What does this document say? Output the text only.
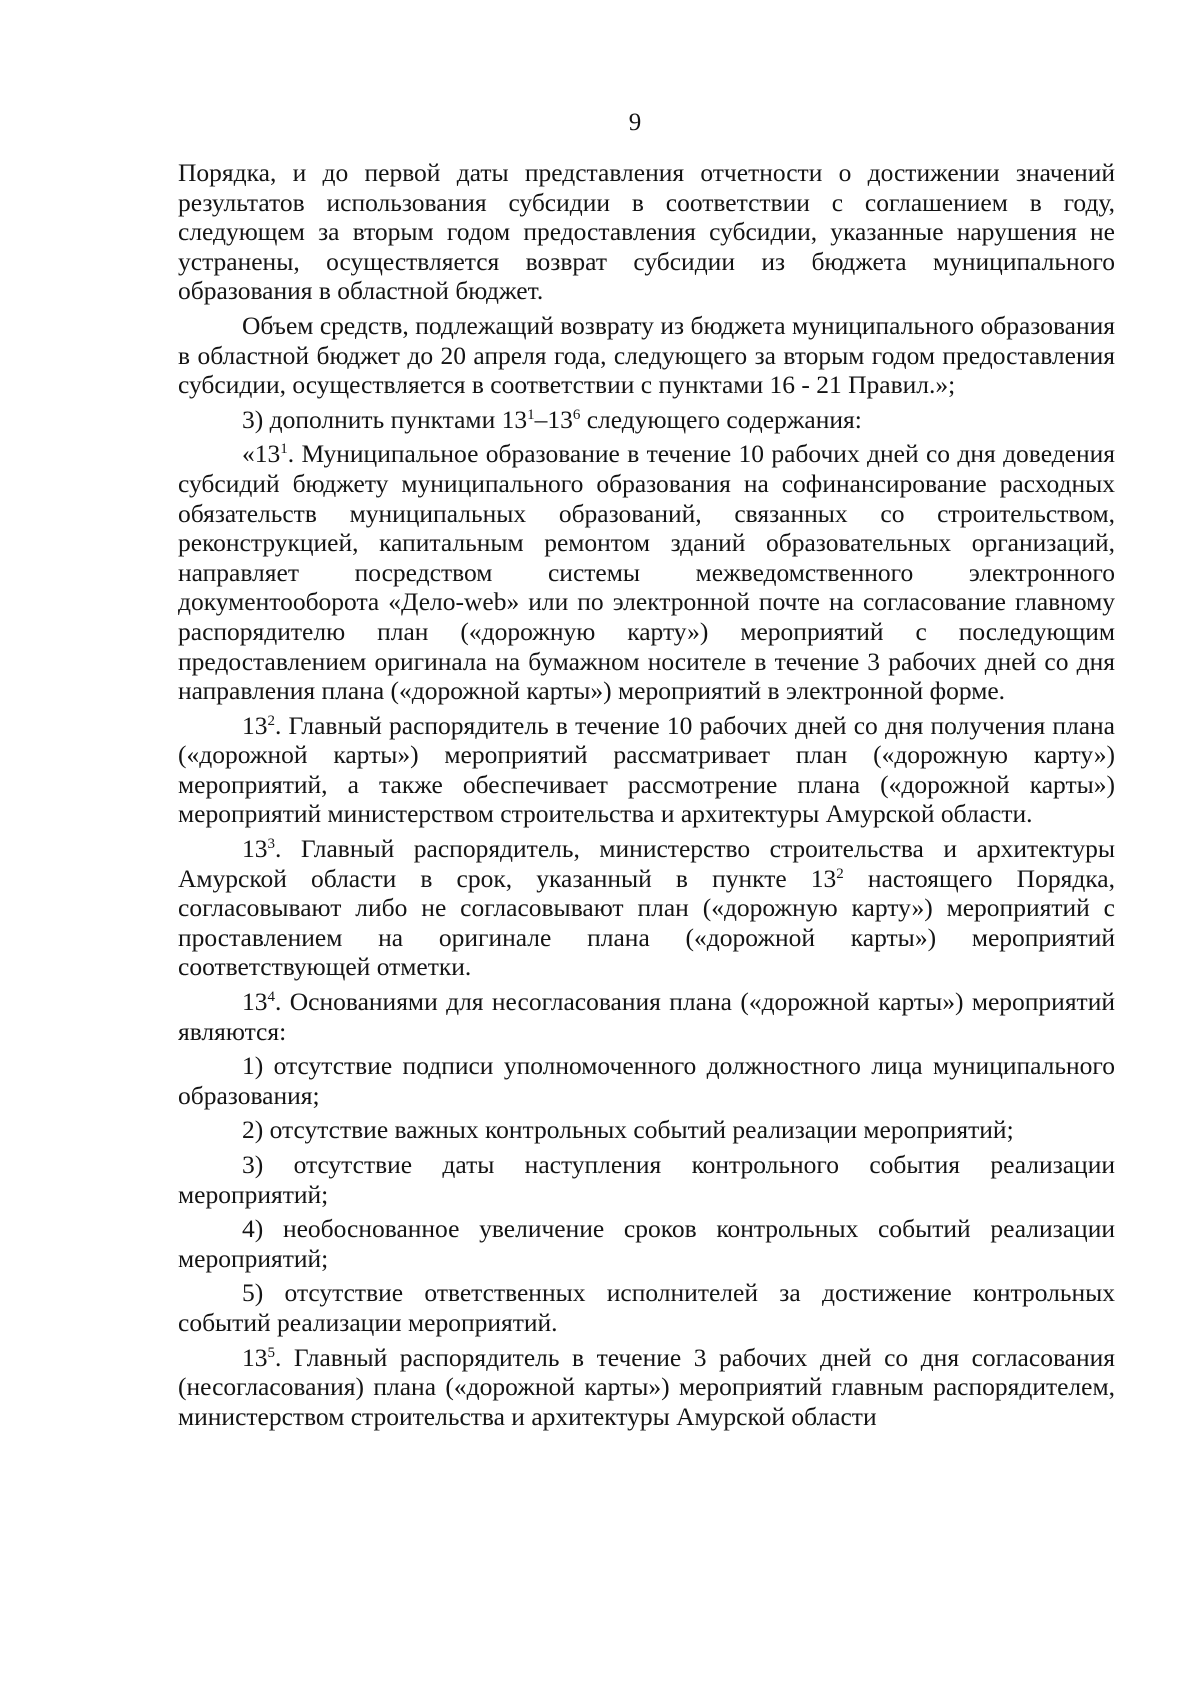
9

Порядка, и до первой даты представления отчетности о достижении значений результатов использования субсидии в соответствии с соглашением в году, следующем за вторым годом предоставления субсидии, указанные нарушения не устранены, осуществляется возврат субсидии из бюджета муниципального образования в областной бюджет.

Объем средств, подлежащий возврату из бюджета муниципального образования в областной бюджет до 20 апреля года, следующего за вторым годом предоставления субсидии, осуществляется в соответствии с пунктами 16 - 21 Правил.»;

3) дополнить пунктами $13^1-13^6$ следующего содержания:

«$13^1$. Муниципальное образование в течение 10 рабочих дней со дня доведения субсидий бюджету муниципального образования на софинансирование расходных обязательств муниципальных образований, связанных со строительством, реконструкцией, капитальным ремонтом зданий образовательных организаций, направляет посредством системы межведомственного электронного документооборота «Дело-web» или по электронной почте на согласование главному распорядителю план («дорожную карту») мероприятий с последующим предоставлением оригинала на бумажном носителе в течение 3 рабочих дней со дня направления плана («дорожной карты») мероприятий в электронной форме.

$13^2$. Главный распорядитель в течение 10 рабочих дней со дня получения плана («дорожной карты») мероприятий рассматривает план («дорожную карту») мероприятий, а также обеспечивает рассмотрение плана («дорожной карты») мероприятий министерством строительства и архитектуры Амурской области.

$13^3$. Главный распорядитель, министерство строительства и архитектуры Амурской области в срок, указанный в пункте $13^2$ настоящего Порядка, согласовывают либо не согласовывают план («дорожную карту») мероприятий с проставлением на оригинале плана («дорожной карты») мероприятий соответствующей отметки.

$13^4$. Основаниями для несогласования плана («дорожной карты») мероприятий являются:

1) отсутствие подписи уполномоченного должностного лица муниципального образования;

2) отсутствие важных контрольных событий реализации мероприятий;

3) отсутствие даты наступления контрольного события реализации мероприятий;

4) необоснованное увеличение сроков контрольных событий реализации мероприятий;

5) отсутствие ответственных исполнителей за достижение контрольных событий реализации мероприятий.

$13^5$. Главный распорядитель в течение 3 рабочих дней со дня согласования (несогласования) плана («дорожной карты») мероприятий главным распорядителем, министерством строительства и архитектуры Амурской области
